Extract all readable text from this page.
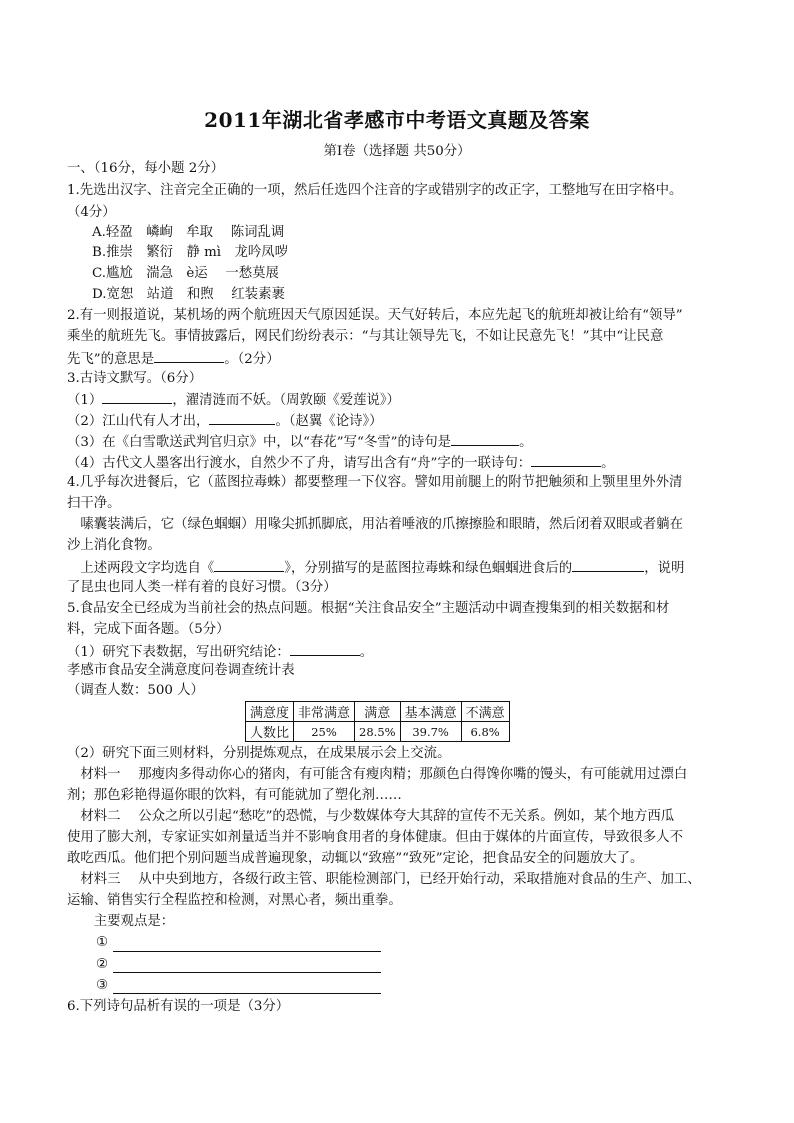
2011年湖北省孝感市中考语文真题及答案
第Ⅰ卷（选择题 共50分）
一、（16分，每小题 2分）
1.先选出汉字、注音完全正确的一项，然后任选四个注音的字或错别字的改正字，工整地写在田字格中。
（4分）
A.轻盈　嶙峋　牟取　 陈词乱调
B.推崇　繁衍　静 mì　龙吟凤哕
C.尴尬　湍急　è运　 一愁莫展
D.宽恕　站道　和煦　 红装素裹
2.有一则报道说，某机场的两个航班因天气原因延误。天气好转后，本应先起飞的航班却被让给有“领导”
乘坐的航班先飞。事情披露后，网民们纷纷表示：“与其让领导先飞，不如让民意先飞！”其中“让民意
先飞”的意思是	。（2分）
3.古诗文默写。（6分）
（1）	，濯清涟而不妖。（周敦颐《爱莲说》）
（2）江山代有人才出，	。（赵翼《论诗》）
（3）在《白雪歌送武判官归京》中，以“春花”写“冬雪”的诗句是	。
（4）古代文人墨客出行渡水，自然少不了舟，请写出含有“舟”字的一联诗句：	。
4.几乎每次进餐后，它（蓝图拉毒蛛）都要整理一下仪容。譬如用前腿上的附节把触须和上颚里里外外清
扫干净。
　嗉囊装满后，它（绿色蝈蝈）用喙尖抓抓脚底，用沾着唾液的爪擦擦脸和眼睛，然后闭着双眼或者躺在
沙上消化食物。
　上述两段文字均选自《	》，分别描写的是蓝图拉毒蛛和绿色蝈蝈进食后的	，说明
了昆虫也同人类一样有着的良好习惯。（3分）
5.食品安全已经成为当前社会的热点问题。根据“关注食品安全”主题活动中调查搜集到的相关数据和材
料，完成下面各题。（5分）
（1）研究下表数据，写出研究结论：	。
孝感市食品安全满意度问卷调查统计表
（调查人数：500 人）
满意度	非常满意	满意	基本满意	不满意
人数比	25%	28.5%	39.7%	6.8%
（2）研究下面三则材料，分别提炼观点，在成果展示会上交流。
　材料一　 那瘦肉多得动你心的猪肉，有可能含有瘦肉精；那颜色白得馋你嘴的馒头，有可能就用过漂白
剂；那色彩艳得逼你眼的饮料，有可能就加了塑化剂……
　材料二　 公众之所以引起“愁吃”的恐慌，与少数媒体夸大其辞的宣传不无关系。例如，某个地方西瓜
使用了膨大剂，专家证实如剂量适当并不影响食用者的身体健康。但由于媒体的片面宣传，导致很多人不
敢吃西瓜。他们把个别问题当成普遍现象，动辄以“致癌”“致死”定论，把食品安全的问题放大了。
　材料三　 从中央到地方，各级行政主管、职能检测部门，已经开始行动，采取措施对食品的生产、加工、
运输、销售实行全程监控和检测，对黑心者，频出重拳。
　　主要观点是：
①
②
③
6.下列诗句品析有误的一项是（3分）
